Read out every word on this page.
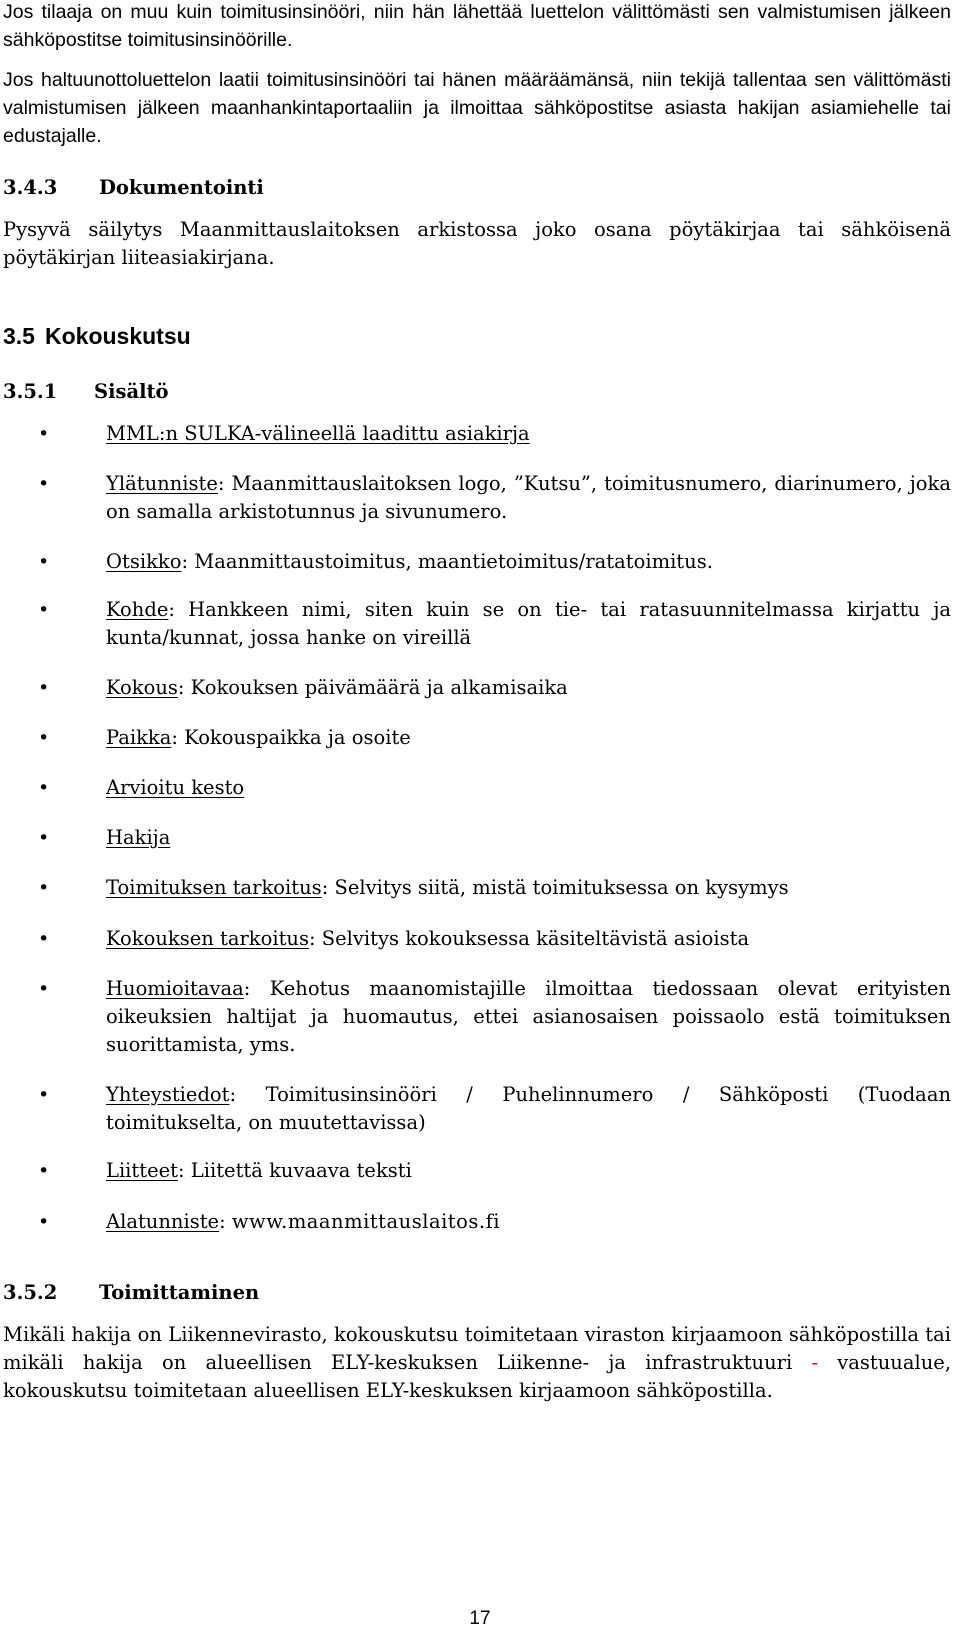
Jos tilaaja on muu kuin toimitusinsinööri, niin hän lähettää luettelon välittömästi sen valmistumisen jälkeen sähköpostitse toimitusinsinöörille.

Jos haltuunottoluettelon laatii toimitusinsinööri tai hänen määräämänsä, niin tekijä tallentaa sen välittömästi valmistumisen jälkeen maanhankintaportaaliin ja ilmoittaa sähköpostitse asiasta hakijan asiamiehelle tai edustajalle.

3.4.3 Dokumentointi

Pysyvä säilytys Maanmittauslaitoksen arkistossa joko osana pöytäkirjaa tai sähköisenä pöytäkirjan liiteasiakirjana.

3.5 Kokouskutsu
3.5.1 Sisältö
•	MML:n SULKA-välineellä laadittu asiakirja
•	Ylätunniste: Maanmittauslaitoksen logo, ”Kutsu”, toimitusnumero, diarinumero, joka on samalla arkistotunnus ja sivunumero.
•	Otsikko: Maanmittaustoimitus, maantietoimitus/ratatoimitus.
•	Kohde: Hankkeen nimi, siten kuin se on tie- tai ratasuunnitelmassa kirjattu ja kunta/kunnat, jossa hanke on vireillä
•	Kokous: Kokouksen päivämäärä ja alkamisaika
•	Paikka: Kokouspaikka ja osoite
•	Arvioitu kesto
•	Hakija
•	Toimituksen tarkoitus: Selvitys siitä, mistä toimituksessa on kysymys
•	Kokouksen tarkoitus: Selvitys kokouksessa käsiteltävistä asioista
•	Huomioitavaa: Kehotus maanomistajille ilmoittaa tiedossaan olevat erityisten oikeuksien haltijat ja huomautus, ettei asianosaisen poissaolo estä toimituksen suorittamista, yms.
•	Yhteystiedot: Toimitusinsinööri / Puhelinnumero / Sähköposti (Tuodaan toimitukselta, on muutettavissa)
•	Liitteet: Liitettä kuvaava teksti
•	Alatunniste: www.maanmittauslaitos.fi
3.5.2 Toimittaminen

Mikäli hakija on Liikennevirasto, kokouskutsu toimitetaan viraston kirjaamoon sähköpostilla tai mikäli hakija on alueellisen ELY-keskuksen Liikenne- ja infrastruktuuri - vastuualue, kokouskutsu toimitetaan alueellisen ELY-keskuksen kirjaamoon sähköpostilla.

17
